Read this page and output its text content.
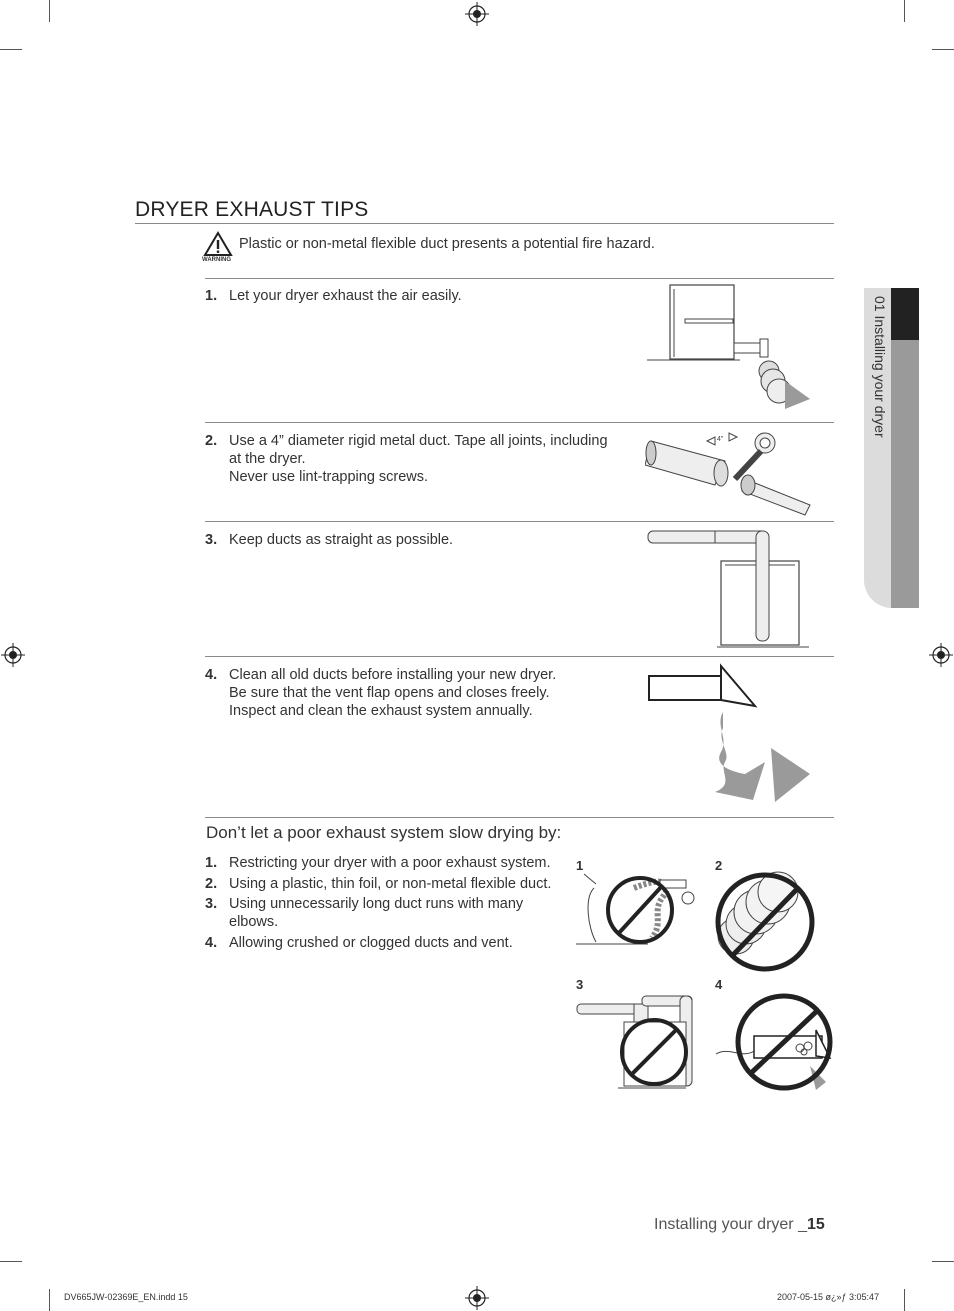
01 Installing your dryer
DRYER EXHAUST TIPS
WARNING
Plastic or non-metal flexible duct presents a potential fire hazard.
1. Let your dryer exhaust the air easily.
2. Use a 4” diameter rigid metal duct. Tape all joints, including
at the dryer.
Never use lint-trapping screws.
3. Keep ducts as straight as possible.
4. Clean all old ducts before installing your new dryer.
Be sure that the vent flap opens and closes freely.
Inspect and clean the exhaust system annually.
4"
Don’t let a poor exhaust system slow drying by:
1. Restricting your dryer with a poor exhaust system.
2. Using a plastic, thin foil, or non-metal flexible duct.
3. Using unnecessarily long duct runs with many
elbows.
4. Allowing crushed or clogged ducts and vent.
1	2
3	4
Installing your dryer _15
DV665JW-02369E_EN.indd 15	2007-05-15 ø¿»ƒ 3:05:47
